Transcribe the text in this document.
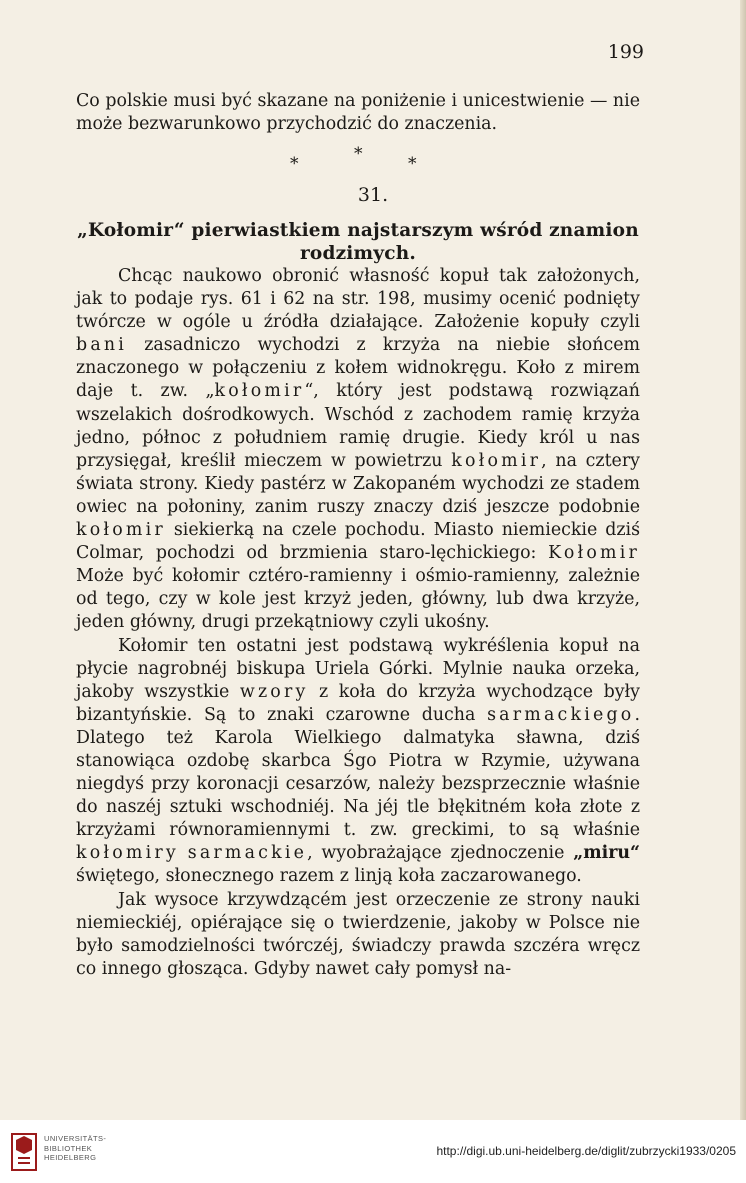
199

Co polskie musi być skazane na poniżenie i unicestwienie — nie może bezwarunkowo przychodzić do znaczenia.

*	*	*
31.
„Kołomir“ pierwiastkiem najstarszym wśród znamion rodzimych.

Chcąc naukowo obronić własność kopuł tak założonych, jak to podaje rys. 61 i 62 na str. 198, musimy ocenić podnięty twórcze w ogóle u źródła działające. Założenie kopuły czyli bani zasadniczo wychodzi z krzyża na niebie słońcem znaczonego w połączeniu z kołem widnokręgu. Koło z mirem daje t. zw. „kołomir“, który jest podstawą rozwiązań wszelakich dośrodkowych. Wschód z zachodem ramię krzyża jedno, północ z południem ramię drugie. Kiedy król u nas przysięgał, kreślił mieczem w powietrzu kołomir, na cztery świata strony. Kiedy pastérz w Zakopaném wychodzi ze stadem owiec na połoniny, zanim ruszy znaczy dziś jeszcze podobnie kołomir siekierką na czele pochodu. Miasto niemieckie dziś Colmar, pochodzi od brzmienia staro-lęchickiego: Kołomir Może być kołomir cztéro-ramienny i ośmio-ramienny, zależnie od tego, czy w kole jest krzyż jeden, główny, lub dwa krzyże, jeden główny, drugi przekątniowy czyli ukośny.

Kołomir ten ostatni jest podstawą wykréślenia kopuł na płycie nagrobnéj biskupa Uriela Górki. Mylnie nauka orzeka, jakoby wszystkie wzory z koła do krzyża wychodzące były bizantyńskie. Są to znaki czarowne ducha sarmackiego. Dlatego też Karola Wielkiego dalmatyka sławna, dziś stanowiąca ozdobę skarbca Śgo Piotra w Rzymie, używana niegdyś przy koronacji cesarzów, należy bezsprzecznie właśnie do naszéj sztuki wschodniéj. Na jéj tle błękitném koła złote z krzyżami równoramiennymi t. zw. greckimi, to są właśnie kołomiry sarmackie, wyobrażające zjednoczenie „miru“ świętego, słonecznego razem z linją koła zaczarowanego.

Jak wysoce krzywdzącém jest orzeczenie ze strony nauki niemieckiéj, opiérające się o twierdzenie, jakoby w Polsce nie było samodzielności twórczéj, świadczy prawda szczéra wręcz co innego głosząca. Gdyby nawet cały pomysł na-

UNIVERSITÄTS-
BIBLIOTHEK
HEIDELBERG	http://digi.ub.uni-heidelberg.de/diglit/zubrzycki1933/0205
